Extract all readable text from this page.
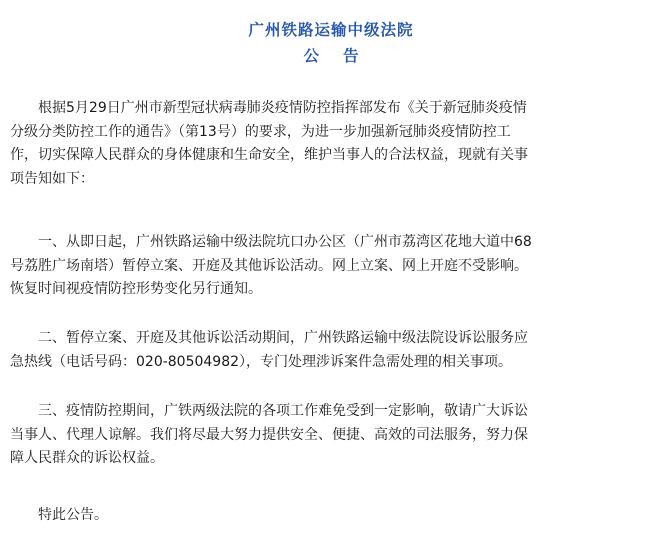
广州铁路运输中级法院
公 告
根据5月29日广州市新型冠状病毒肺炎疫情防控指挥部发布《关于新冠肺炎疫情
分级分类防控工作的通告》（第13号）的要求，为进一步加强新冠肺炎疫情防控工
作，切实保障人民群众的身体健康和生命安全，维护当事人的合法权益，现就有关事
项告知如下：
一、从即日起，广州铁路运输中级法院坑口办公区（广州市荔湾区花地大道中68
号荔胜广场南塔）暂停立案、开庭及其他诉讼活动。网上立案、网上开庭不受影响。
恢复时间视疫情防控形势变化另行通知。
二、暂停立案、开庭及其他诉讼活动期间，广州铁路运输中级法院设诉讼服务应
急热线（电话号码：020-80504982），专门处理涉诉案件急需处理的相关事项。
三、疫情防控期间，广铁两级法院的各项工作难免受到一定影响，敬请广大诉讼
当事人、代理人谅解。我们将尽最大努力提供安全、便捷、高效的司法服务，努力保
障人民群众的诉讼权益。
特此公告。
